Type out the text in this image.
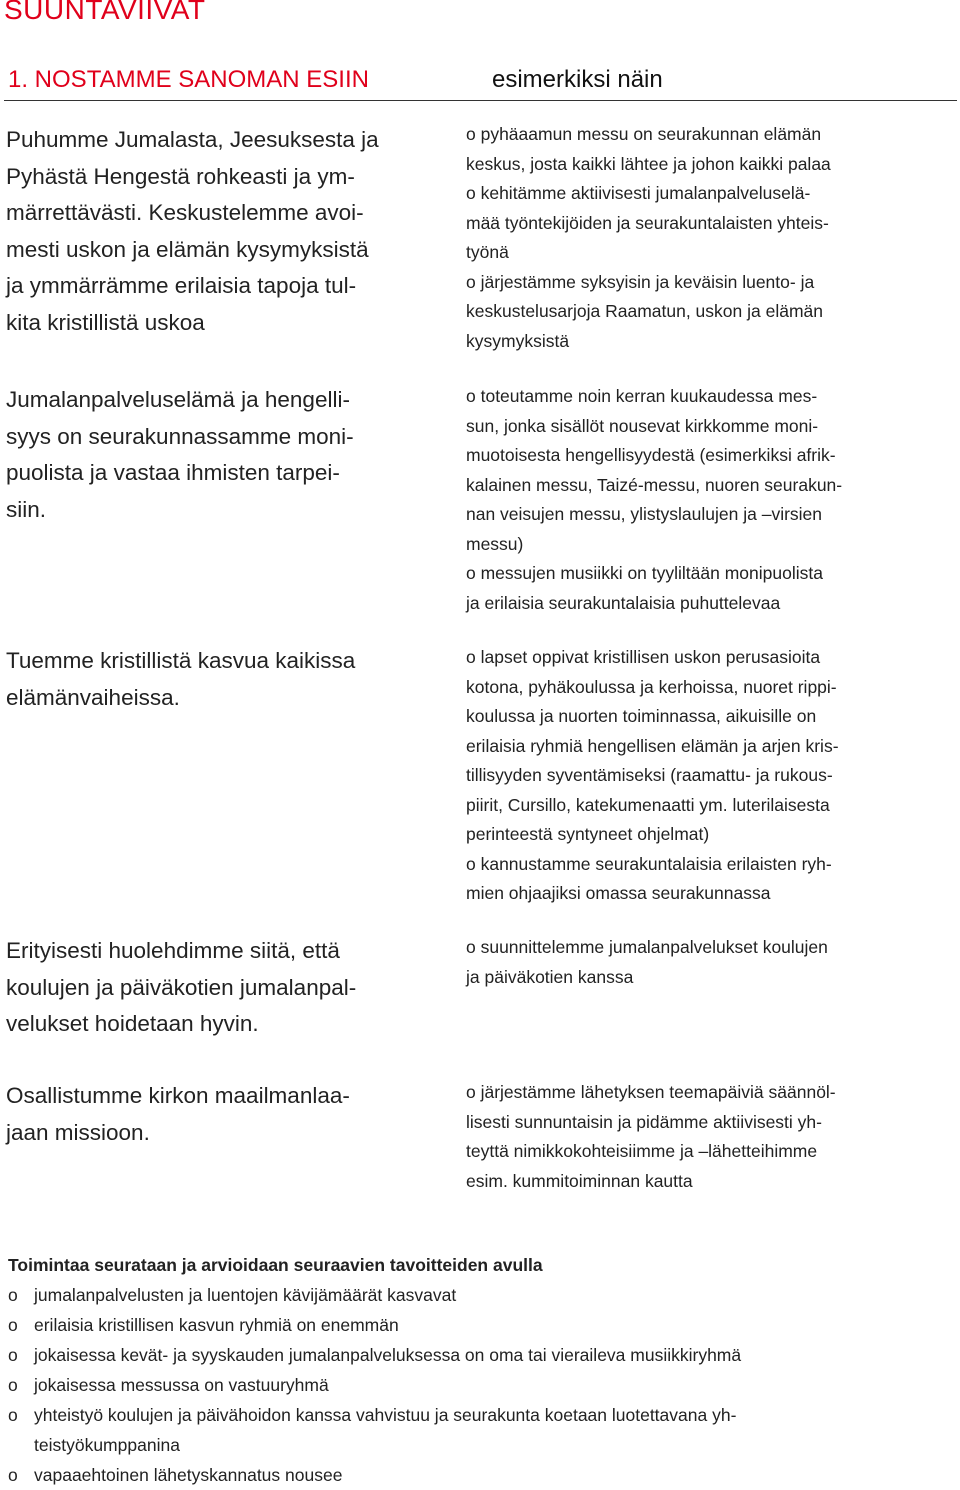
SUUNTAVIIVAT
1. NOSTAMME SANOMAN ESIIN	esimerkiksi näin

Puhumme Jumalasta, Jeesuksesta ja
Pyhästä Hengestä rohkeasti ja ym-
märrettävästi. Keskustelemme avoi-
mesti uskon ja elämän kysymyksistä
ja ymmärrämme erilaisia tapoja tul-
kita kristillistä uskoa

o pyhäaamun messu on seurakunnan elämän
keskus, josta kaikki lähtee ja johon kaikki palaa
o kehitämme aktiivisesti jumalanpalveluselä-
mää työntekijöiden ja seurakuntalaisten yhteis-
työnä
o järjestämme syksyisin ja keväisin luento- ja
keskustelusarjoja Raamatun, uskon ja elämän
kysymyksistä

Jumalanpalveluselämä ja hengelli-
syys on seurakunnassamme moni-
puolista ja vastaa ihmisten tarpei-
siin.

o toteutamme noin kerran kuukaudessa mes-
sun, jonka sisällöt nousevat kirkkomme moni-
muotoisesta hengellisyydestä (esimerkiksi afrik-
kalainen messu, Taizé-messu, nuoren seurakun-
nan veisujen messu, ylistyslaulujen ja –virsien
messu)
o messujen musiikki on tyyliltään monipuolista
ja erilaisia seurakuntalaisia puhuttelevaa

Tuemme kristillistä kasvua kaikissa
elämänvaiheissa.

o lapset oppivat kristillisen uskon perusasioita
kotona, pyhäkoulussa ja kerhoissa, nuoret rippi-
koulussa ja nuorten toiminnassa, aikuisille on
erilaisia ryhmiä hengellisen elämän ja arjen kris-
tillisyyden syventämiseksi (raamattu- ja rukous-
piirit, Cursillo, katekumenaatti ym. luterilaisesta
perinteestä syntyneet ohjelmat)
o kannustamme seurakuntalaisia erilaisten ryh-
mien ohjaajiksi omassa seurakunnassa

Erityisesti huolehdimme siitä, että
koulujen ja päiväkotien jumalanpal-
velukset hoidetaan hyvin.

o suunnittelemme jumalanpalvelukset koulujen
ja päiväkotien kanssa

Osallistumme kirkon maailmanlaa-
jaan missioon.

o järjestämme lähetyksen teemapäiviä säännöl-
lisesti sunnuntaisin ja pidämme aktiivisesti yh-
teyttä nimikkokohteisiimme ja –lähetteihimme
esim. kummitoiminnan kautta

Toimintaa seurataan ja arvioidaan seuraavien tavoitteiden avulla

o jumalanpalvelusten ja luentojen kävijämäärät kasvavat
o erilaisia kristillisen kasvun ryhmiä on enemmän
o jokaisessa kevät- ja syyskauden jumalanpalveluksessa on oma tai vieraileva musiikkiryhmä
o jokaisessa messussa on vastuuryhmä
o yhteistyö koulujen ja päivähoidon kanssa vahvistuu ja seurakunta koetaan luotettavana yh-
teistyökumppanina
o vapaaehtoinen lähetyskannatus nousee
